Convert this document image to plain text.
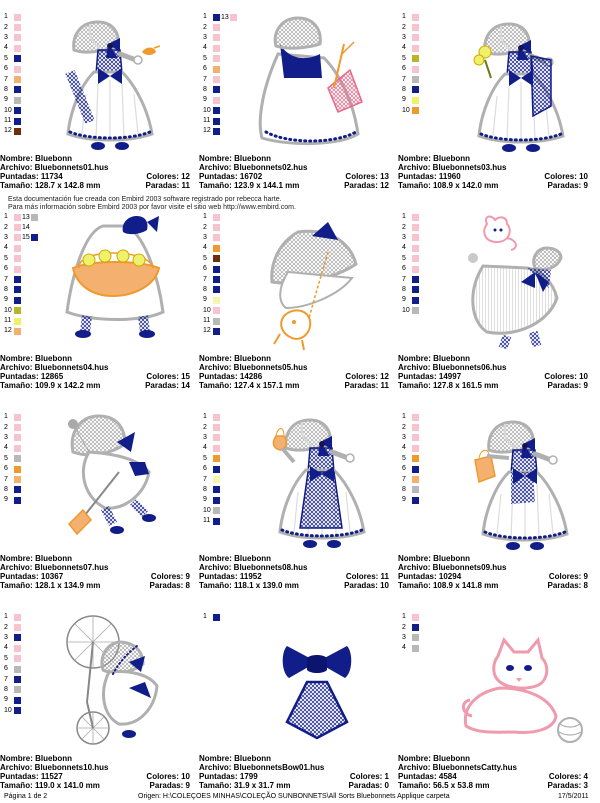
1
2
3
4
5
6
7
8
9
10
11
12
Nombre: Bluebonn
Archivo: Bluebonnets01.hus
Puntadas: 11734	Colores: 12
Tamaño: 128.7 x 142.8 mm	Paradas: 11
1
2
3
4
5
6
7
8
9
10
11
12
13
Nombre: Bluebonn
Archivo: Bluebonnets02.hus
Puntadas: 16702	Colores: 13
Tamaño: 123.9 x 144.1 mm	Paradas: 12
1
2
3
4
5
6
7
8
9
10
Nombre: Bluebonn
Archivo: Bluebonnets03.hus
Puntadas: 11960	Colores: 10
Tamaño: 108.9 x 142.0 mm	Paradas: 9
1
2
3
4
5
6
7
8
9
10
11
12
13
14
15
Nombre: Bluebonn
Archivo: Bluebonnets04.hus
Puntadas: 12865	Colores: 15
Tamaño: 109.9 x 142.2 mm	Paradas: 14
1
2
3
4
5
6
7
8
9
10
11
12
Nombre: Bluebonn
Archivo: Bluebonnets05.hus
Puntadas: 14286	Colores: 12
Tamaño: 127.4 x 157.1 mm	Paradas: 11
1
2
3
4
5
6
7
8
9
10
Nombre: Bluebonn
Archivo: Bluebonnets06.hus
Puntadas: 14997	Colores: 10
Tamaño: 127.8 x 161.5 mm	Paradas: 9
1
2
3
4
5
6
7
8
9
Nombre: Bluebonn
Archivo: Bluebonnets07.hus
Puntadas: 10367	Colores: 9
Tamaño: 128.1 x 134.9 mm	Paradas: 8
1
2
3
4
5
6
7
8
9
10
11
Nombre: Bluebonn
Archivo: Bluebonnets08.hus
Puntadas: 11952	Colores: 11
Tamaño: 118.1 x 139.0 mm	Paradas: 10
1
2
3
4
5
6
7
8
9
Nombre: Bluebonn
Archivo: Bluebonnets09.hus
Puntadas: 10294	Colores: 9
Tamaño: 108.9 x 141.8 mm	Paradas: 8
1
2
3
4
5
6
7
8
9
10
Nombre: Bluebonn
Archivo: Bluebonnets10.hus
Puntadas: 11527	Colores: 10
Tamaño: 119.0 x 141.0 mm	Paradas: 9
1
Nombre: Bluebonn
Archivo: BluebonnetsBow01.hus
Puntadas: 1799	Colores: 1
Tamaño: 31.9 x 31.7 mm	Paradas: 0
1
2
3
4
Nombre: Bluebonn
Archivo: BluebonnetsCatty.hus
Puntadas: 4584	Colores: 4
Tamaño: 56.5 x 53.8 mm	Paradas: 3

Esta documentación fue creada con Embird 2003 software registrado por rebecca harte.

Para más información sobre Embird 2003 por favor visite el sitio web http://www.embird.com.

Página 1 de 2	Origen: H:\COLEÇOES MINHAS\COLEÇÃO SUNBONNETS\All Sorts Bluebonnets Applique carpeta	17/5/2011
